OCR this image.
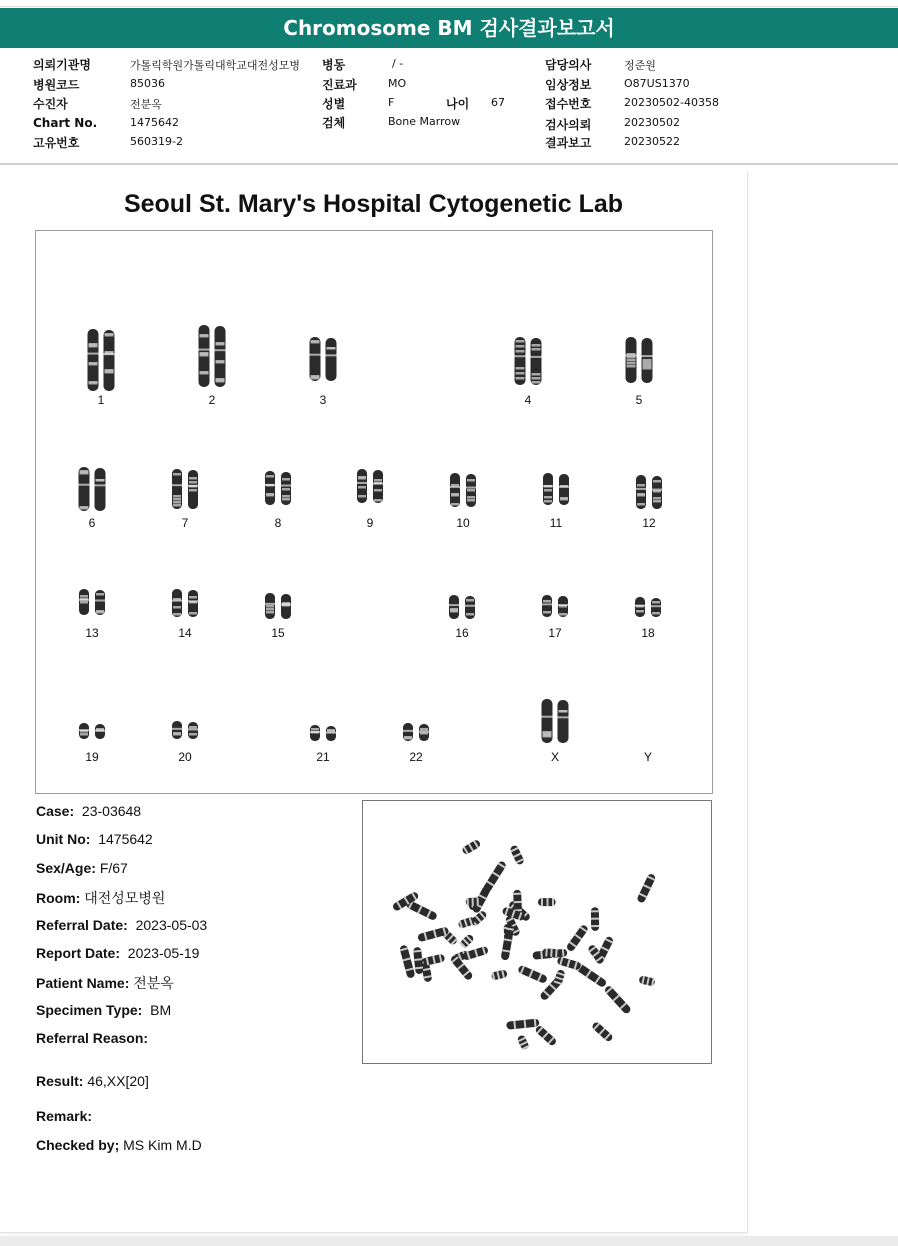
Chromosome BM 검사결과보고서
의뢰기관명	가톨릭학원가톨릭대학교대전성모병 병동	/ -	담당의사	정준원
병원코드	85036	진료과	MO	임상정보	O87US1370
수진자	전분옥	성별	F	나이 67	접수번호	20230502-40358
Chart No.	1475642	검체	Bone Marrow	검사의뢰	20230502
고유번호	560319-2	결과보고	20230522
Seoul St. Mary's Hospital Cytogenetic Lab
1	2	3	4	5
6	7	8	9	10	11	12
13	14	15	16	17	18
19	20	21	22	X	Y
Case: 23-03648
Unit No: 1475642
Sex/Age: F/67
Room: 대전성모병원
Referral Date: 2023-05-03
Report Date: 2023-05-19
Patient Name: 전분옥
Specimen Type: BM
Referral Reason:
Result: 46,XX[20]
Remark:
Checked by; MS Kim M.D
